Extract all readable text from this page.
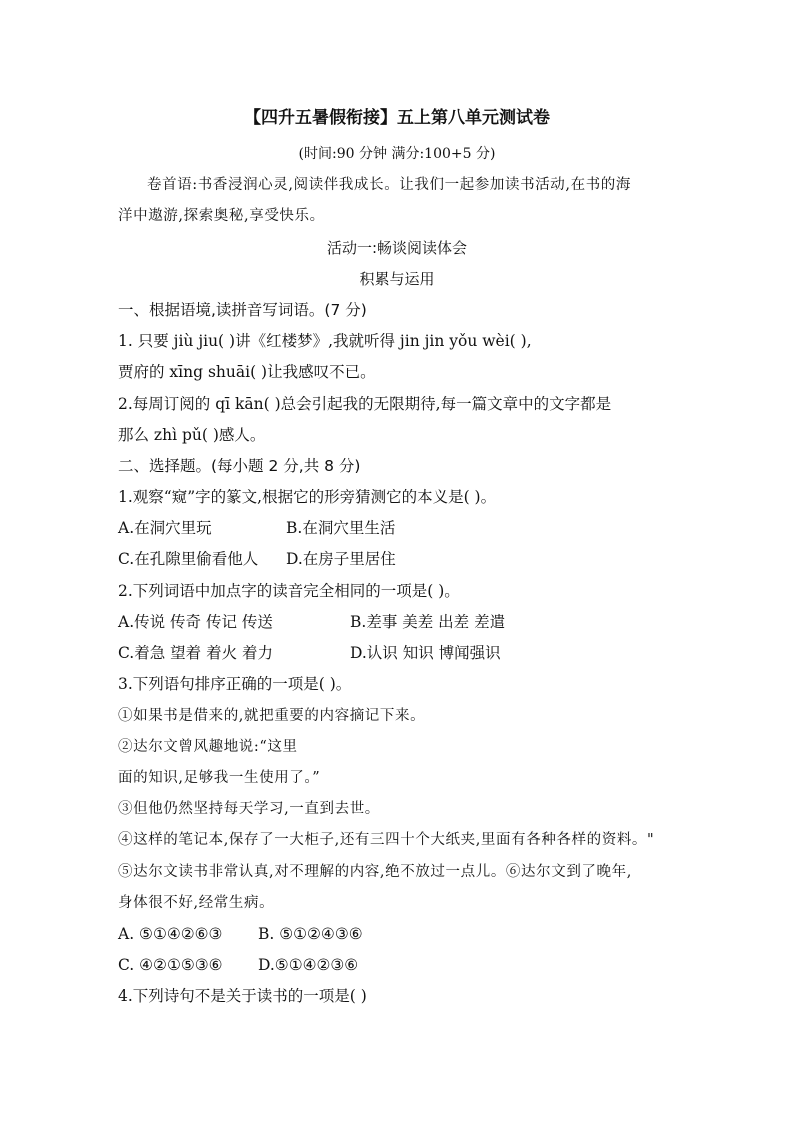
【四升五暑假衔接】五上第八单元测试卷
(时间:90 分钟 满分:100+5 分)
卷首语:书香浸润心灵,阅读伴我成长。让我们一起参加读书活动,在书的海
洋中遨游,探索奥秘,享受快乐。
活动一:畅谈阅读体会
积累与运用
一、根据语境,读拼音写词语。(7 分)
1. 只要 jiù jiu( )讲《红楼梦》,我就听得 jin jin yǒu wèi( ),
贾府的 xīng shuāi( )让我感叹不已。
2.每周订阅的 qī kān( )总会引起我的无限期待,每一篇文章中的文字都是
那么 zhì pǔ( )感人。
二、选择题。(每小题 2 分,共 8 分)
1.观察“窥”字的篆文,根据它的形旁猜测它的本义是( )。
A.在洞穴里玩	B.在洞穴里生活
C.在孔隙里偷看他人 D.在房子里居住
2.下列词语中加点字的读音完全相同的一项是( )。
A.传说 传奇 传记 传送	B.差事 美差 出差 差遣
C.着急 望着 着火 着力	D.认识 知识 博闻强识
3.下列语句排序正确的一项是( )。
①如果书是借来的,就把重要的内容摘记下来。
②达尔文曾风趣地说:“这里
面的知识,足够我一生使用了。”
③但他仍然坚持每天学习,一直到去世。
④这样的笔记本,保存了一大柜子,还有三四十个大纸夹,里面有各种各样的资料。"
⑤达尔文读书非常认真,对不理解的内容,绝不放过一点儿。⑥达尔文到了晚年,
身体很不好,经常生病。
A. ⑤①④②⑥③ B. ⑤①②④③⑥
C. ④②①⑤③⑥ D.⑤①④②③⑥
4.下列诗句不是关于读书的一项是( )
